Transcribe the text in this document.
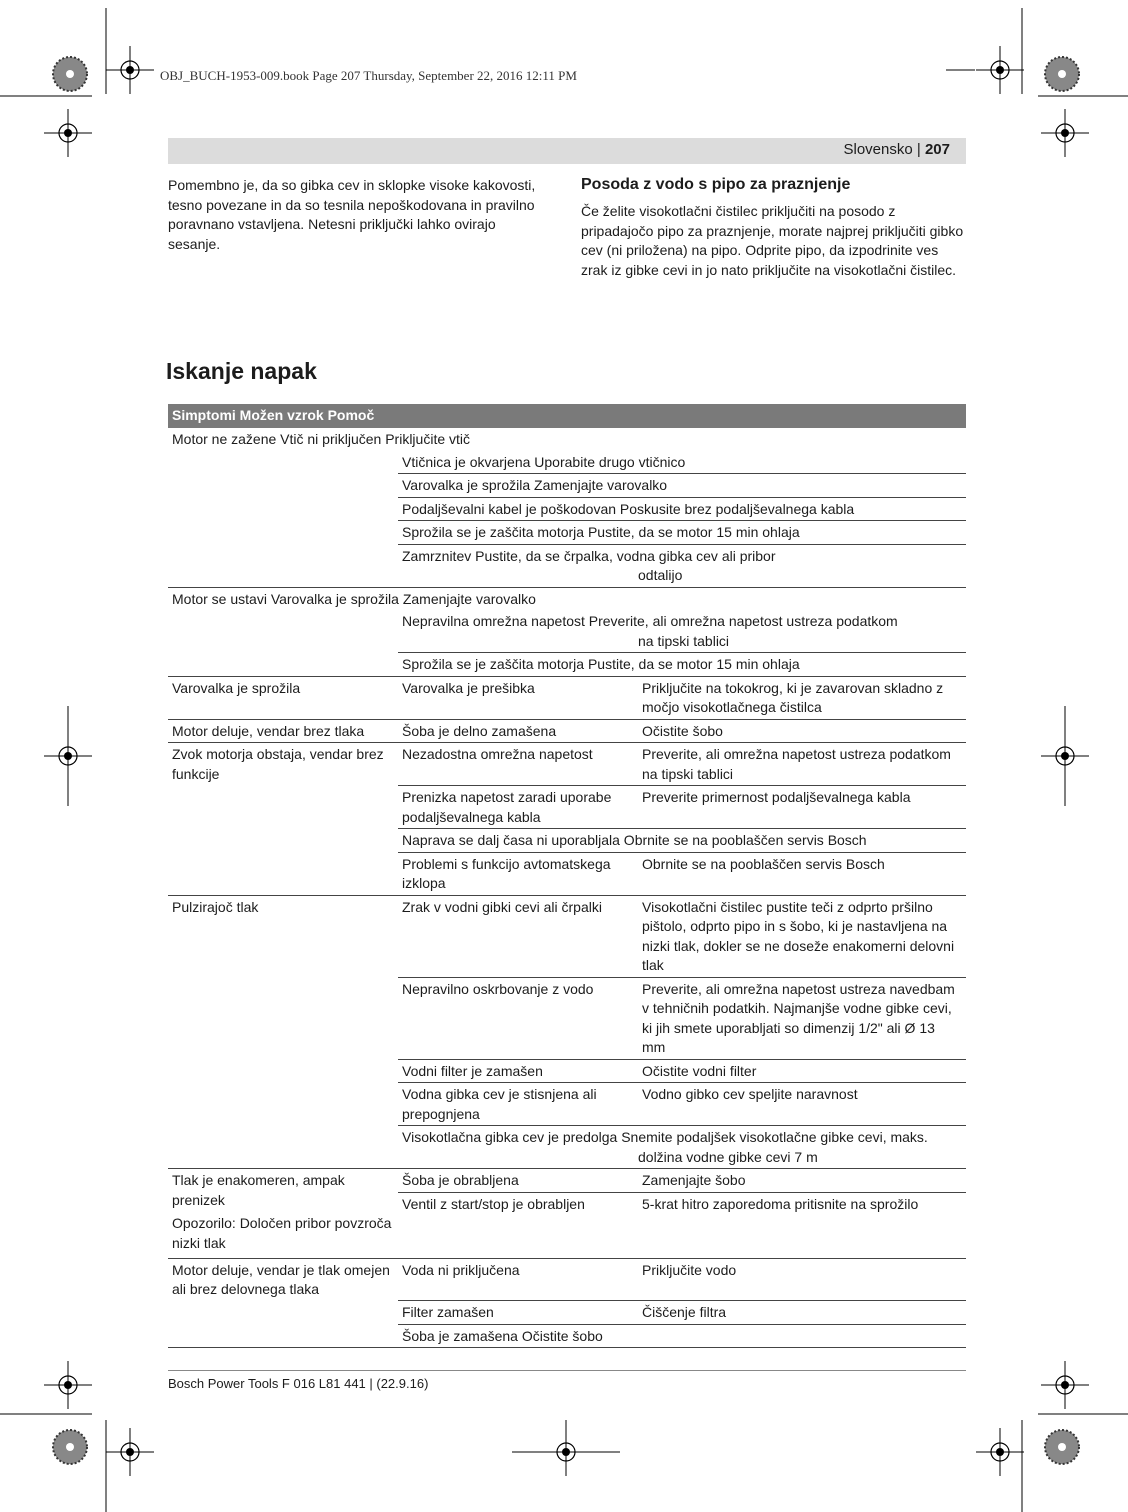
OBJ_BUCH-1953-009.book Page 207 Thursday, September 22, 2016 12:11 PM
Slovensko | 207
Pomembno je, da so gibka cev in sklopke visoke kakovosti, tesno povezane in da so tesnila nepoškodovana in pravilno poravnano vstavljena. Netesni priključki lahko ovirajo sesanje.
Posoda z vodo s pipo za praznjenje

Če želite visokotlačni čistilec priključiti na posodo z pripadajočo pipo za praznjenje, morate najprej priključiti gibko cev (ni priložena) na pipo. Odprite pipo, da izpodrinite ves zrak iz gibke cevi in jo nato priključite na visokotlačni čistilec.

Iskanje napak
Simptomi Možen vzrok Pomoč		
Motor ne zažene Vtič ni priključen Priključite vtič		
	Vtičnica je okvarjena Uporabite drugo vtičnico	
	Varovalka je sprožila Zamenjajte varovalko	
	Podaljševalni kabel je poškodovan Poskusite brez podaljševalnega kabla	
	Sprožila se je zaščita motorja Pustite, da se motor 15 min ohlaja	
	Zamrznitev Pustite, da se črpalka, vodna gibka cev ali pribor
odtalijo	
Motor se ustavi Varovalka je sprožila Zamenjajte varovalko		
	Nepravilna omrežna napetost Preverite, ali omrežna napetost ustreza podatkom
na tipski tablici	
	Sprožila se je zaščita motorja Pustite, da se motor 15 min ohlaja	
Varovalka je sprožila	Varovalka je prešibka	Priključite na tokokrog, ki je zavarovan skladno z močjo visokotlačnega čistilca
Motor deluje, vendar brez tlaka	Šoba je delno zamašena	Očistite šobo
Zvok motorja obstaja, vendar brez funkcije	Nezadostna omrežna napetost	Preverite, ali omrežna napetost ustreza podatkom na tipski tablici
	Prenizka napetost zaradi uporabe podaljševalnega kabla	Preverite primernost podaljševalnega kabla
	Naprava se dalj časa ni uporabljala Obrnite se na pooblaščen servis Bosch	
	Problemi s funkcijo avtomatskega izklopa	Obrnite se na pooblaščen servis Bosch
Pulzirajoč tlak	Zrak v vodni gibki cevi ali črpalki	Visokotlačni čistilec pustite teči z odprto pršilno pištolo, odprto pipo in s šobo, ki je nastavljena na nizki tlak, dokler se ne doseže enakomerni delovni tlak
	Nepravilno oskrbovanje z vodo	Preverite, ali omrežna napetost ustreza navedbam v tehničnih podatkih. Najmanjše vodne gibke cevi, ki jih smete uporabljati so dimenzij 1/2" ali Ø 13 mm
	Vodni filter je zamašen	Očistite vodni filter
	Vodna gibka cev je stisnjena ali prepognjena	Vodno gibko cev speljite naravnost
	Visokotlačna gibka cev je predolga Snemite podaljšek visokotlačne gibke cevi, maks.
dolžina vodne gibke cevi 7 m	
Tlak je enakomeren, ampak prenizek
Opozorilo: Določen pribor povzroča nizki tlak	Šoba je obrabljena	Zamenjajte šobo
	Ventil z start/stop je obrabljen	5-krat hitro zaporedoma pritisnite na sprožilo
Motor deluje, vendar je tlak omejen ali brez delovnega tlaka	Voda ni priključena	Priključite vodo
	Filter zamašen	Čiščenje filtra
	Šoba je zamašena Očistite šobo	
Bosch Power Tools F 016 L81 441 | (22.9.16)
